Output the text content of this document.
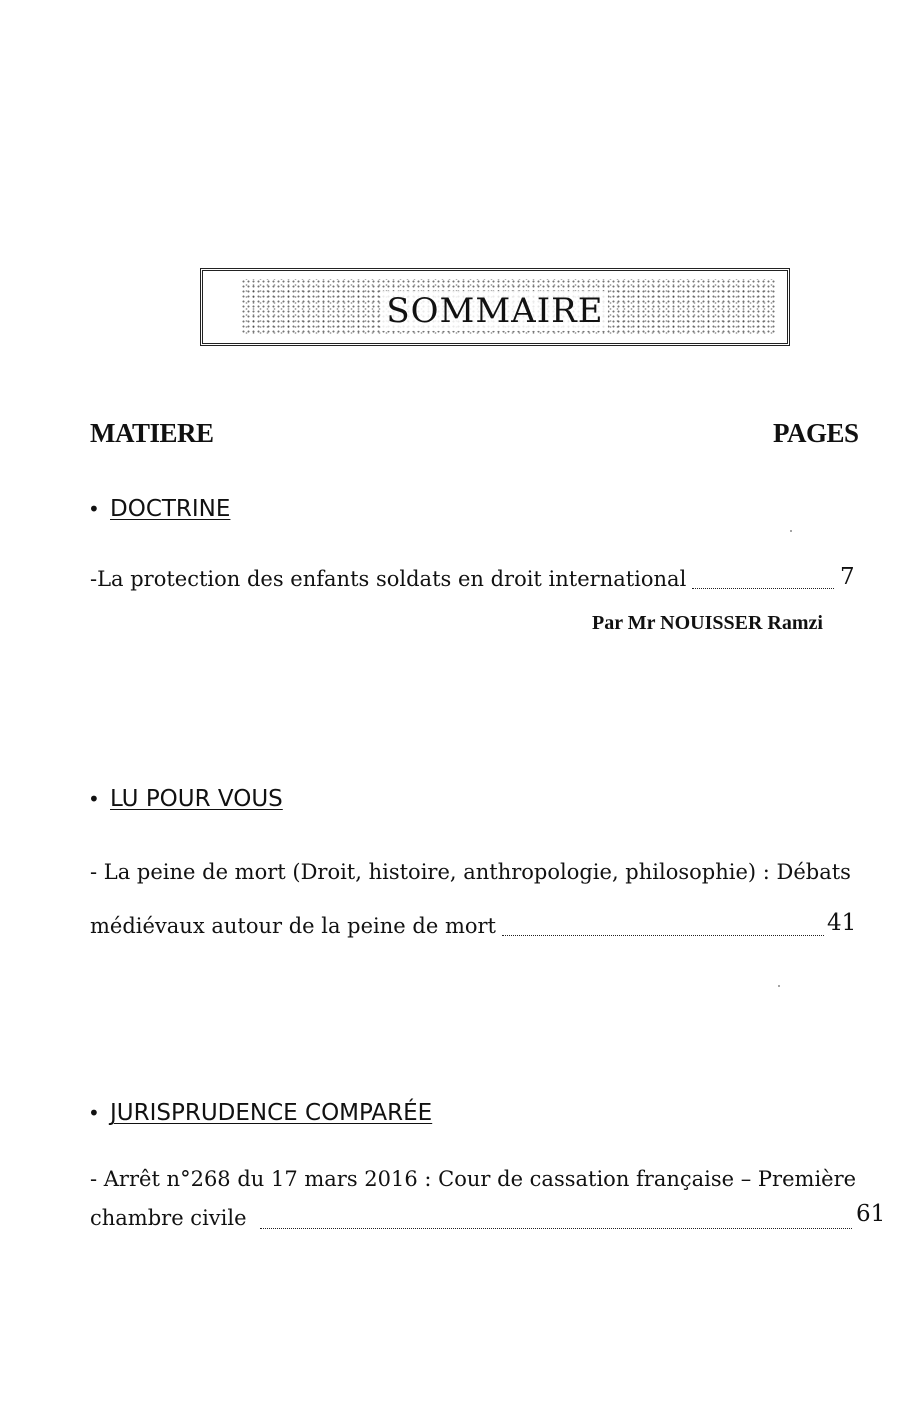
SOMMAIRE
MATIERE	PAGES
• DOCTRINE
-La protection des enfants soldats en droit international	7
Par Mr NOUISSER Ramzi
• LU POUR VOUS
- La peine de mort (Droit, histoire, anthropologie, philosophie) : Débats
médiévaux autour de la peine de mort	41
• JURISPRUDENCE COMPARÉE
- Arrêt n°268 du 17 mars 2016 : Cour de cassation française – Première
chambre civile	61
